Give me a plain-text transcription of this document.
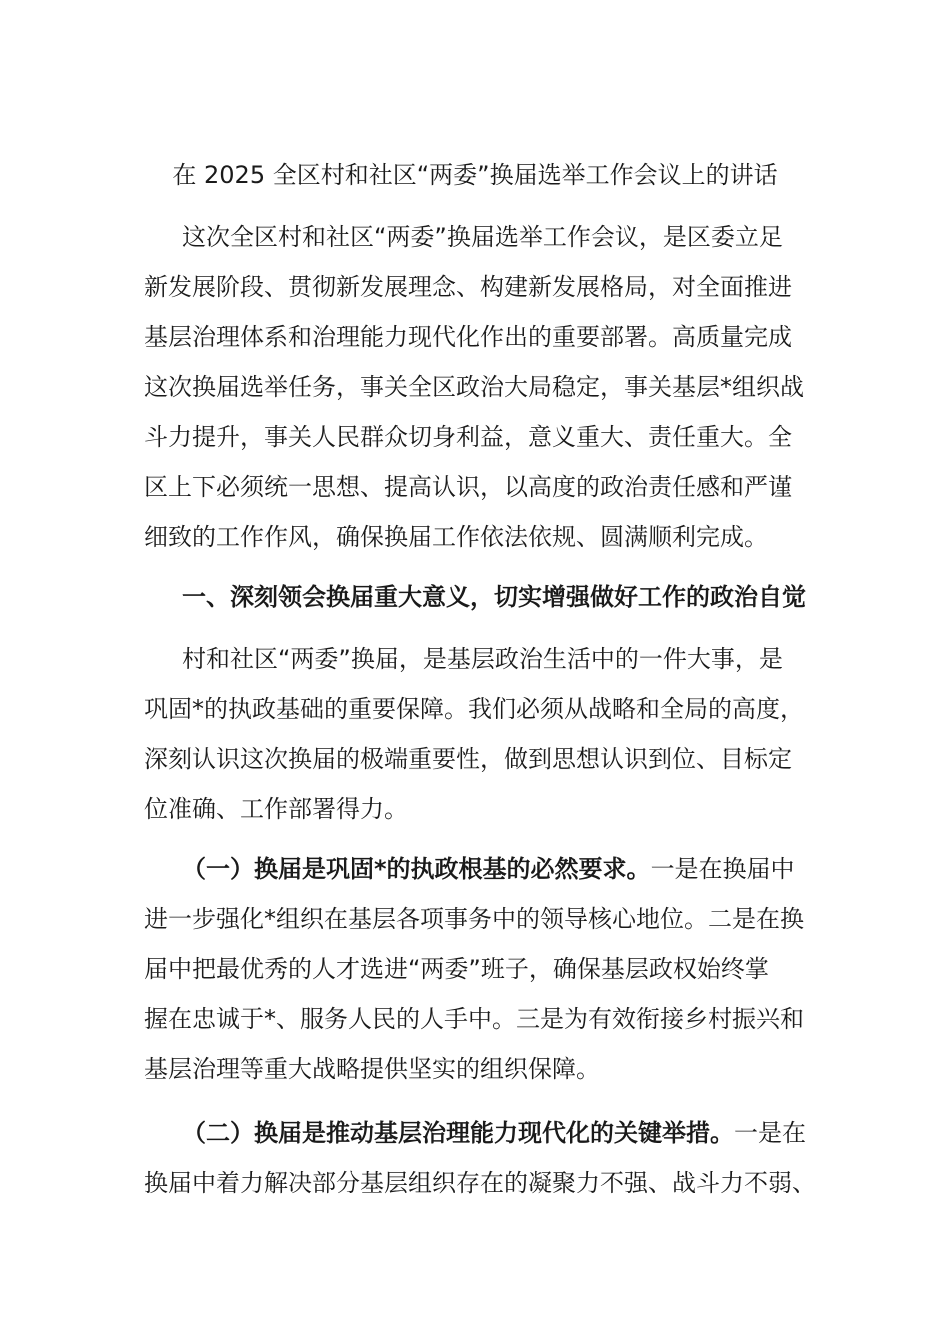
在 2025 全区村和社区“两委”换届选举工作会议上的讲话
这次全区村和社区“两委”换届选举工作会议，是区委立足
新发展阶段、贯彻新发展理念、构建新发展格局，对全面推进
基层治理体系和治理能力现代化作出的重要部署。高质量完成
这次换届选举任务，事关全区政治大局稳定，事关基层*组织战
斗力提升，事关人民群众切身利益，意义重大、责任重大。全
区上下必须统一思想、提高认识，以高度的政治责任感和严谨
细致的工作作风，确保换届工作依法依规、圆满顺利完成。
一、深刻领会换届重大意义，切实增强做好工作的政治自觉
村和社区“两委”换届，是基层政治生活中的一件大事，是
巩固*的执政基础的重要保障。我们必须从战略和全局的高度，
深刻认识这次换届的极端重要性，做到思想认识到位、目标定
位准确、工作部署得力。
（一）换届是巩固*的执政根基的必然要求。一是在换届中
进一步强化*组织在基层各项事务中的领导核心地位。二是在换
届中把最优秀的人才选进“两委”班子，确保基层政权始终掌
握在忠诚于*、服务人民的人手中。三是为有效衔接乡村振兴和
基层治理等重大战略提供坚实的组织保障。
（二）换届是推动基层治理能力现代化的关键举措。一是在
换届中着力解决部分基层组织存在的凝聚力不强、战斗力不弱、
